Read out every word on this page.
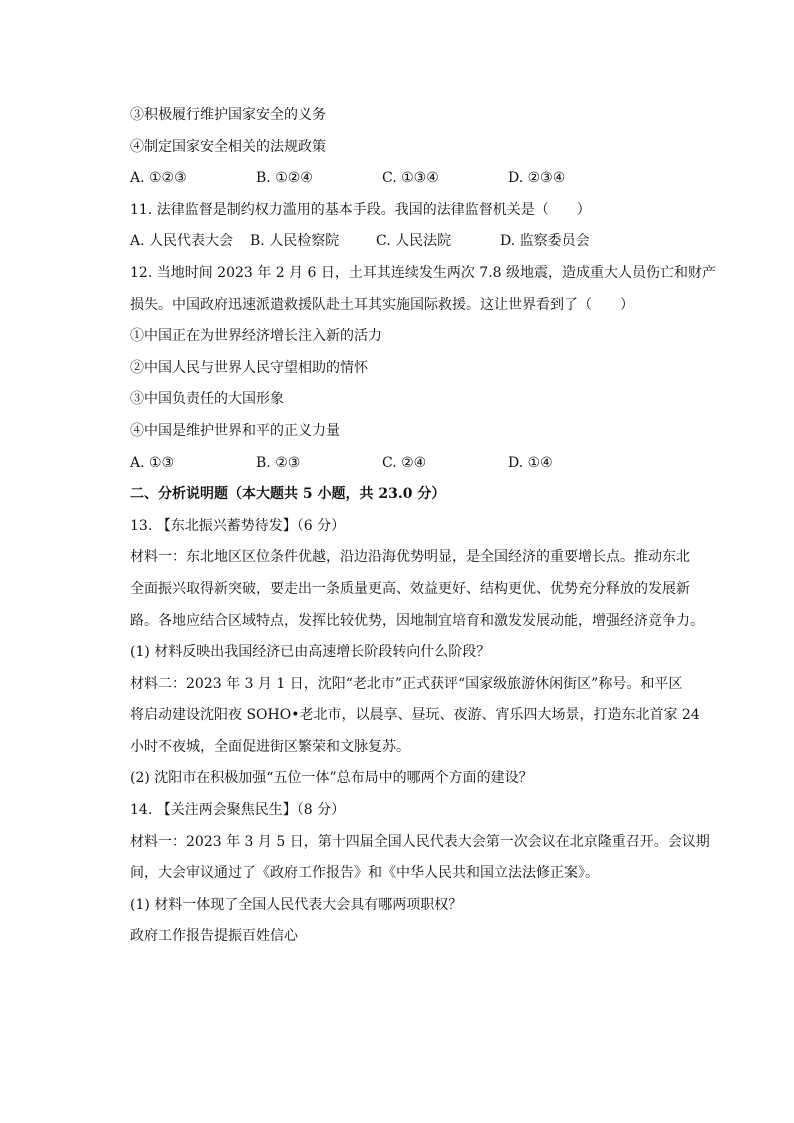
③积极履行维护国家安全的义务
④制定国家安全相关的法规政策
A. ①②③	B. ①②④	C. ①③④	D. ②③④
11. 法律监督是制约权力滥用的基本手段。我国的法律监督机关是（　　）
A. 人民代表大会	B. 人民检察院	C. 人民法院	D. 监察委员会
12. 当地时间 2023 年 2 月 6 日，土耳其连续发生两次 7.8 级地震，造成重大人员伤亡和财产
损失。中国政府迅速派遣救援队赴土耳其实施国际救援。这让世界看到了（　　）
①中国正在为世界经济增长注入新的活力
②中国人民与世界人民守望相助的情怀
③中国负责任的大国形象
④中国是维护世界和平的正义力量
A. ①③	B. ②③	C. ②④	D. ①④
二、分析说明题（本大题共 5 小题，共 23.0 分）
13. 【东北振兴蓄势待发】（6 分）
材料一：东北地区区位条件优越，沿边沿海优势明显，是全国经济的重要增长点。推动东北
全面振兴取得新突破，要走出一条质量更高、效益更好、结构更优、优势充分释放的发展新
路。各地应结合区域特点，发挥比较优势，因地制宜培育和激发发展动能，增强经济竞争力。
(1) 材料反映出我国经济已由高速增长阶段转向什么阶段？
材料二：2023 年 3 月 1 日，沈阳“老北市”正式获评“国家级旅游休闲街区”称号。和平区
将启动建设沈阳夜 SOHO•老北市，以晨享、昼玩、夜游、宵乐四大场景，打造东北首家 24
小时不夜城，全面促进街区繁荣和文脉复苏。
(2) 沈阳市在积极加强“五位一体”总布局中的哪两个方面的建设？
14. 【关注两会聚焦民生】（8 分）
材料一：2023 年 3 月 5 日，第十四届全国人民代表大会第一次会议在北京隆重召开。会议期
间，大会审议通过了《政府工作报告》和《中华人民共和国立法法修正案》。
(1) 材料一体现了全国人民代表大会具有哪两项职权？
政府工作报告提振百姓信心
